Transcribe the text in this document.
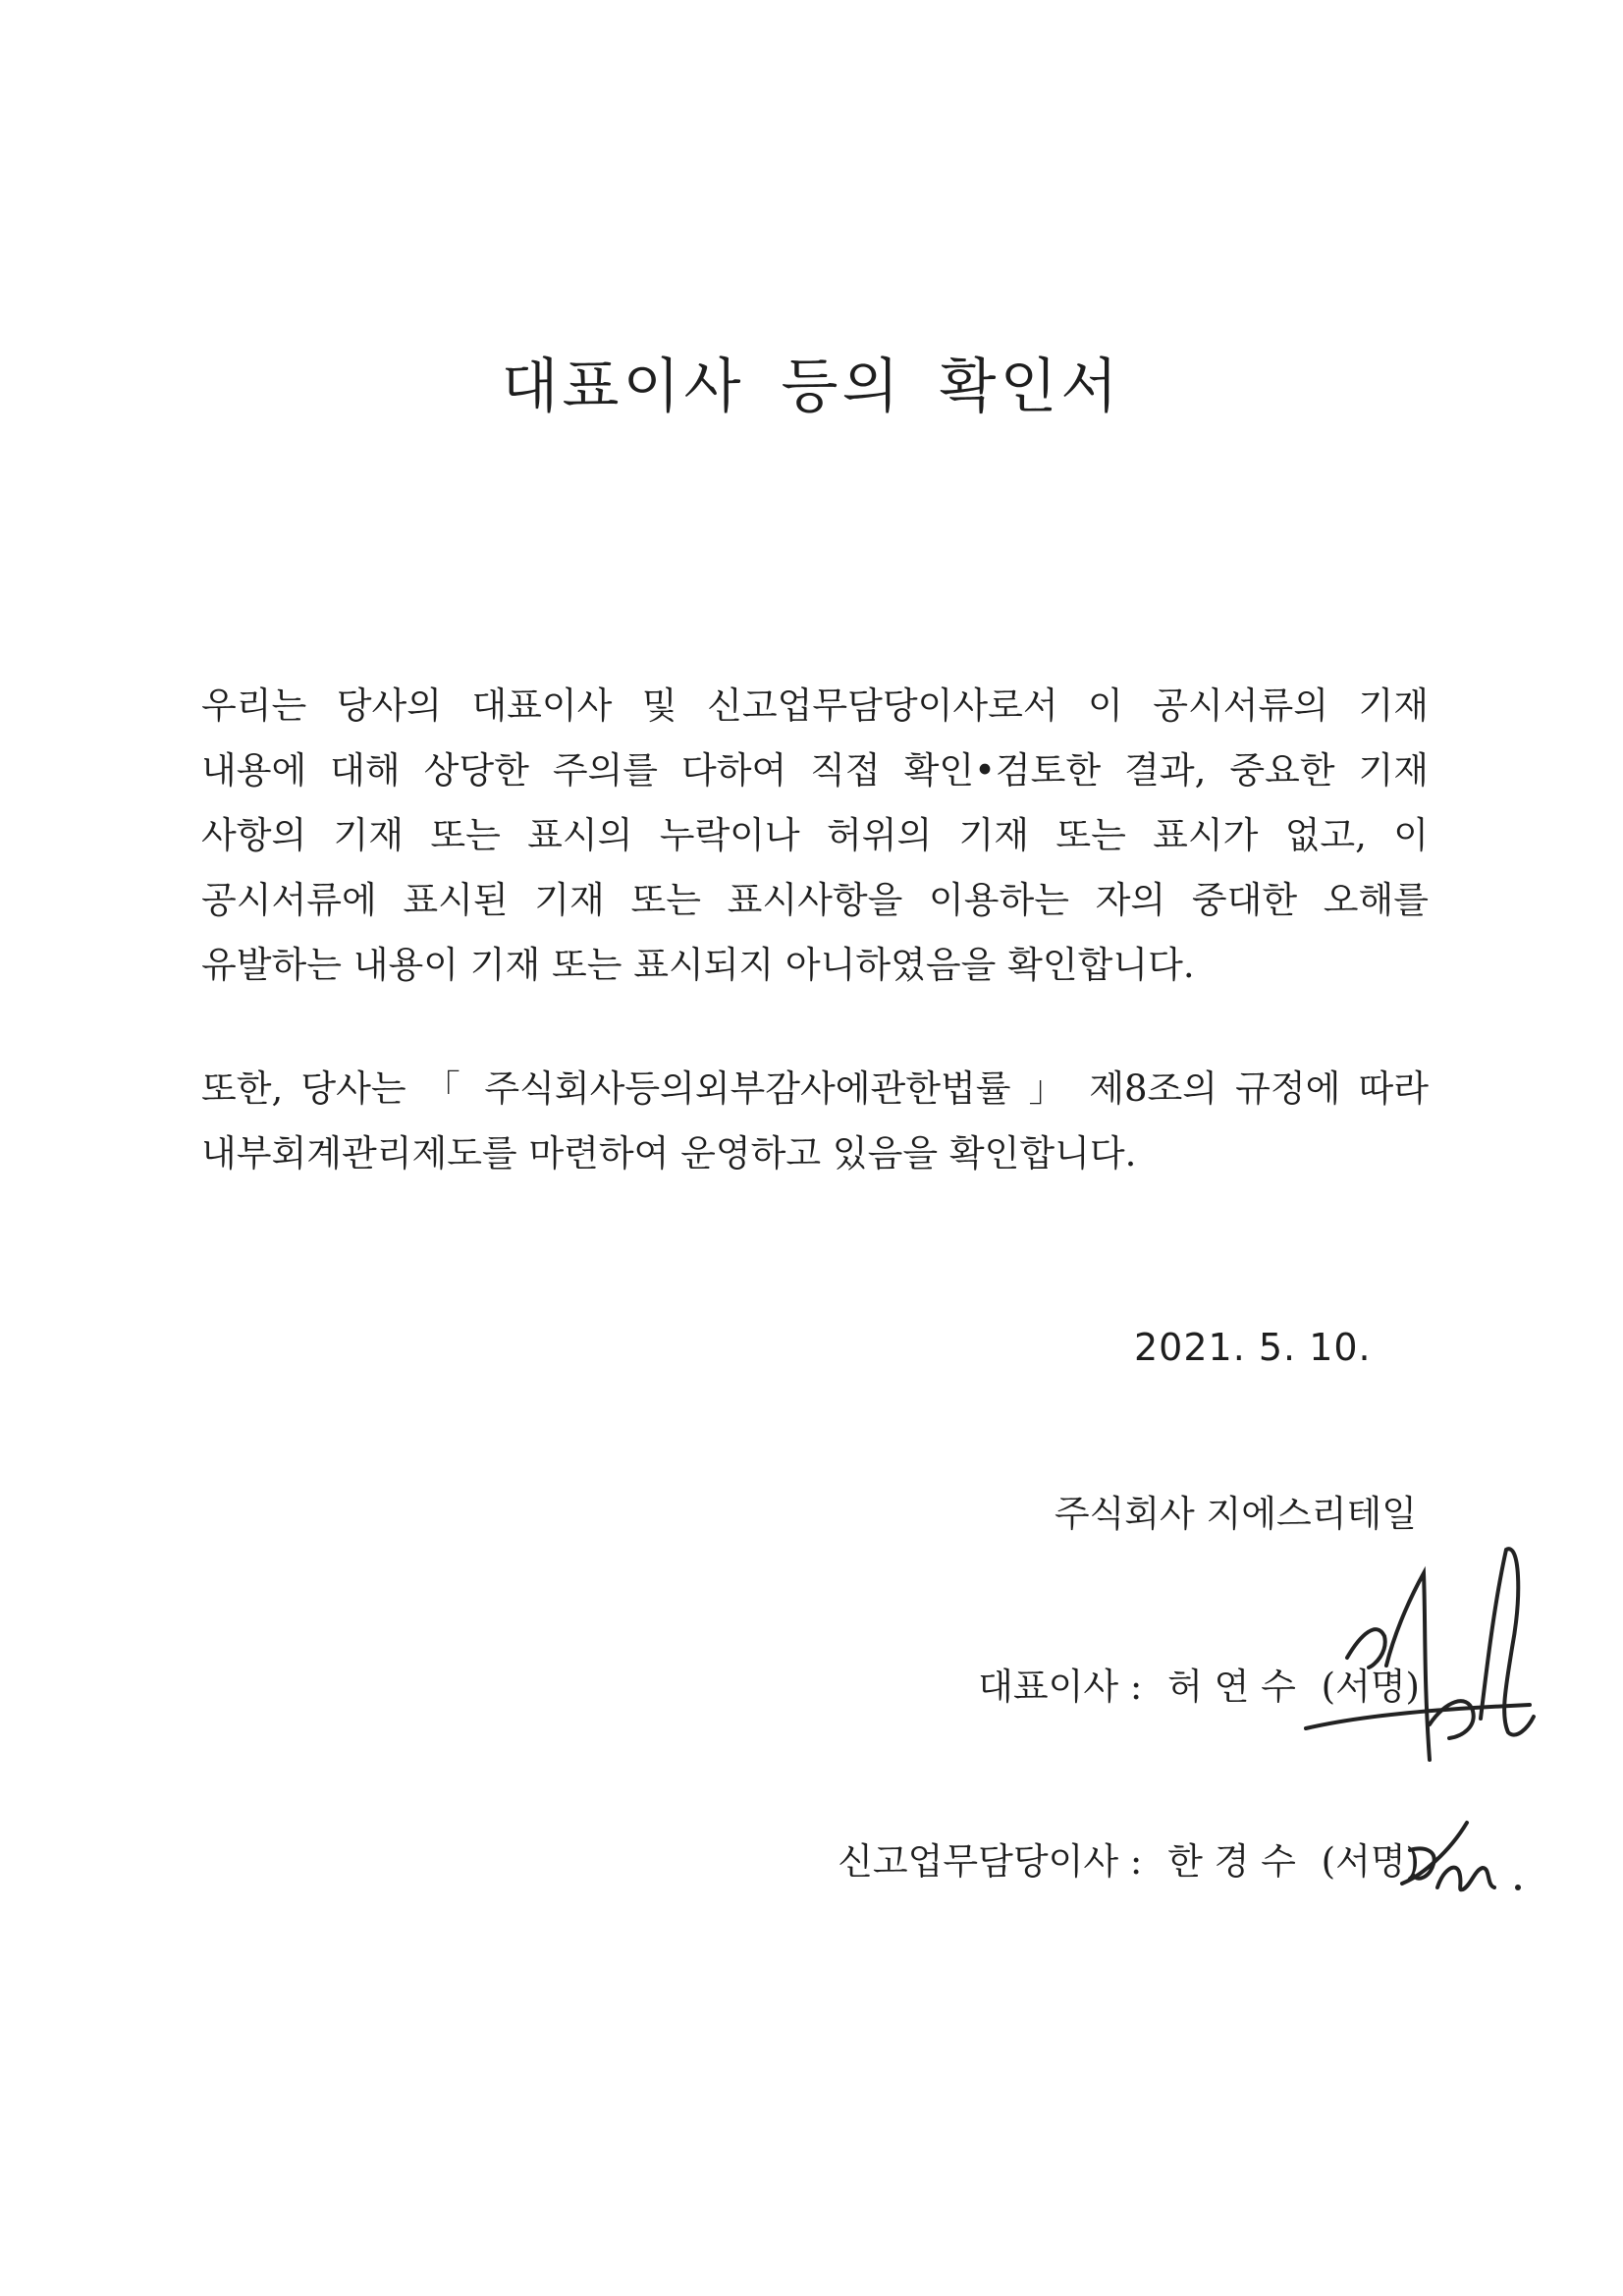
대표이사 등의 확인서
우리는 당사의 대표이사 및 신고업무담당이사로서 이 공시서류의 기재
내용에 대해 상당한 주의를 다하여 직접 확인•검토한 결과, 중요한 기재
사항의 기재 또는 표시의 누락이나 허위의 기재 또는 표시가 없고, 이
공시서류에 표시된 기재 또는 표시사항을 이용하는 자의 중대한 오해를
유발하는 내용이 기재 또는 표시되지 아니하였음을 확인합니다.
또한, 당사는 「 주식회사등의외부감사에관한법률 」 제8조의 규정에 따라
내부회계관리제도를 마련하여 운영하고 있음을 확인합니다.
2021. 5. 10.
주식회사 지에스리테일
대표이사 : 허 연 수 (서명)
신고업무담당이사 : 한 경 수 (서명)
